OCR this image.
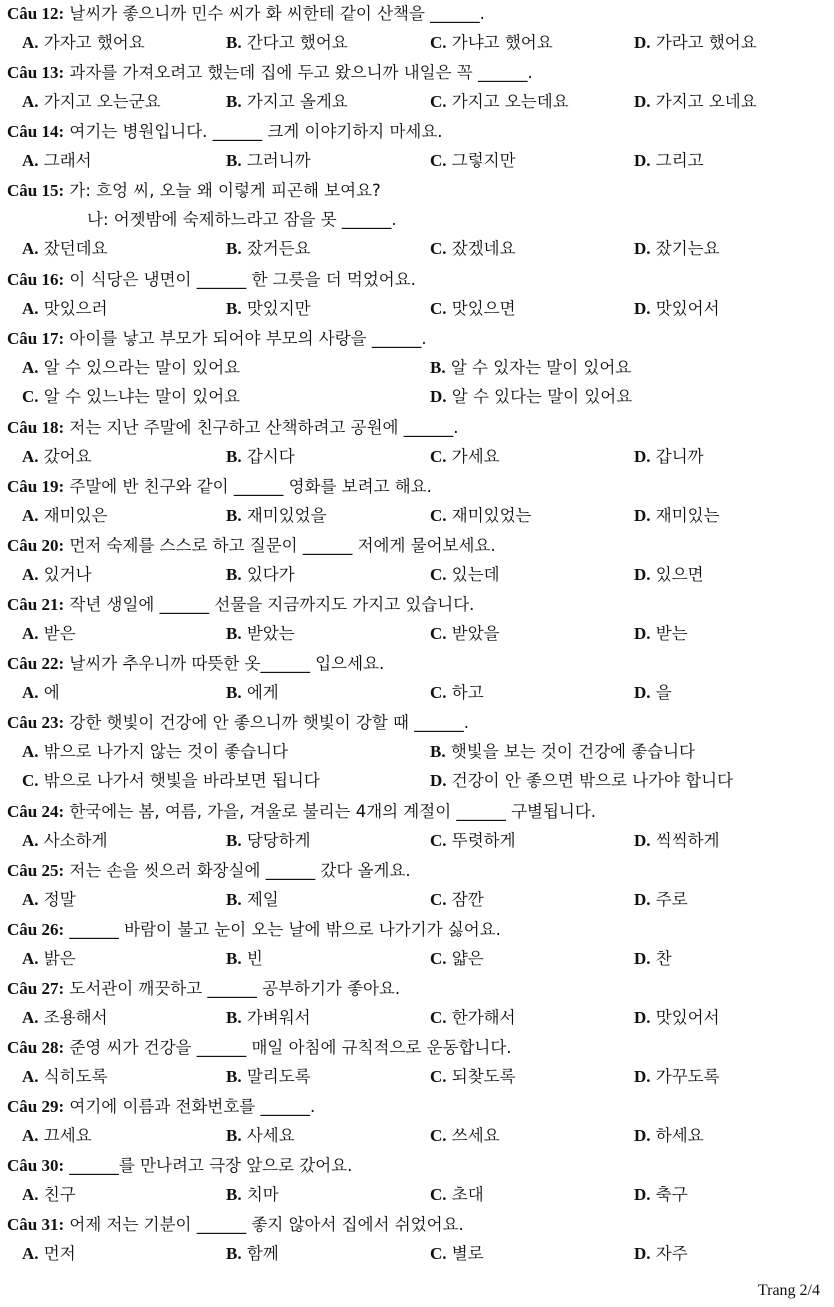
Câu 12: 날씨가 좋으니까 민수 씨가 화 씨한테 같이 산책을 ______.
A. 가자고 했어요	B. 간다고 했어요	C. 가냐고 했어요	D. 가라고 했어요
Câu 13: 과자를 가져오려고 했는데 집에 두고 왔으니까 내일은 꼭 ______.
A. 가지고 오는군요	B. 가지고 올게요	C. 가지고 오는데요	D. 가지고 오네요
Câu 14: 여기는 병원입니다. ______ 크게 이야기하지 마세요.
A. 그래서	B. 그러니까	C. 그렇지만	D. 그리고
Câu 15: 가: 흐엉 씨, 오늘 왜 이렇게 피곤해 보여요?
나: 어젯밤에 숙제하느라고 잠을 못 ______.
A. 잤던데요	B. 잤거든요	C. 잤겠네요	D. 잤기는요
Câu 16: 이 식당은 냉면이 ______ 한 그릇을 더 먹었어요.
A. 맛있으러	B. 맛있지만	C. 맛있으면	D. 맛있어서
Câu 17: 아이를 낳고 부모가 되어야 부모의 사랑을 ______.
A. 알 수 있으라는 말이 있어요	B. 알 수 있자는 말이 있어요
C. 알 수 있느냐는 말이 있어요	D. 알 수 있다는 말이 있어요
Câu 18: 저는 지난 주말에 친구하고 산책하려고 공원에 ______.
A. 갔어요	B. 갑시다	C. 가세요	D. 갑니까
Câu 19: 주말에 반 친구와 같이 ______ 영화를 보려고 해요.
A. 재미있은	B. 재미있었을	C. 재미있었는	D. 재미있는
Câu 20: 먼저 숙제를 스스로 하고 질문이 ______ 저에게 물어보세요.
A. 있거나	B. 있다가	C. 있는데	D. 있으면
Câu 21: 작년 생일에 ______ 선물을 지금까지도 가지고 있습니다.
A. 받은	B. 받았는	C. 받았을	D. 받는
Câu 22: 날씨가 추우니까 따뜻한 옷______ 입으세요.
A. 에	B. 에게	C. 하고	D. 을
Câu 23: 강한 햇빛이 건강에 안 좋으니까 햇빛이 강할 때 ______.
A. 밖으로 나가지 않는 것이 좋습니다	B. 햇빛을 보는 것이 건강에 좋습니다
C. 밖으로 나가서 햇빛을 바라보면 됩니다	D. 건강이 안 좋으면 밖으로 나가야 합니다
Câu 24: 한국에는 봄, 여름, 가을, 겨울로 불리는 4개의 계절이 ______ 구별됩니다.
A. 사소하게	B. 당당하게	C. 뚜렷하게	D. 씩씩하게
Câu 25: 저는 손을 씻으러 화장실에 ______ 갔다 올게요.
A. 정말	B. 제일	C. 잠깐	D. 주로
Câu 26: ______ 바람이 불고 눈이 오는 날에 밖으로 나가기가 싫어요.
A. 밝은	B. 빈	C. 얇은	D. 찬
Câu 27: 도서관이 깨끗하고 ______ 공부하기가 좋아요.
A. 조용해서	B. 가벼워서	C. 한가해서	D. 맛있어서
Câu 28: 준영 씨가 건강을 ______ 매일 아침에 규칙적으로 운동합니다.
A. 식히도록	B. 말리도록	C. 되찾도록	D. 가꾸도록
Câu 29: 여기에 이름과 전화번호를 ______.
A. 끄세요	B. 사세요	C. 쓰세요	D. 하세요
Câu 30: ______를 만나려고 극장 앞으로 갔어요.
A. 친구	B. 치마	C. 초대	D. 축구
Câu 31: 어제 저는 기분이 ______ 좋지 않아서 집에서 쉬었어요.
A. 먼저	B. 함께	C. 별로	D. 자주
Trang 2/4
